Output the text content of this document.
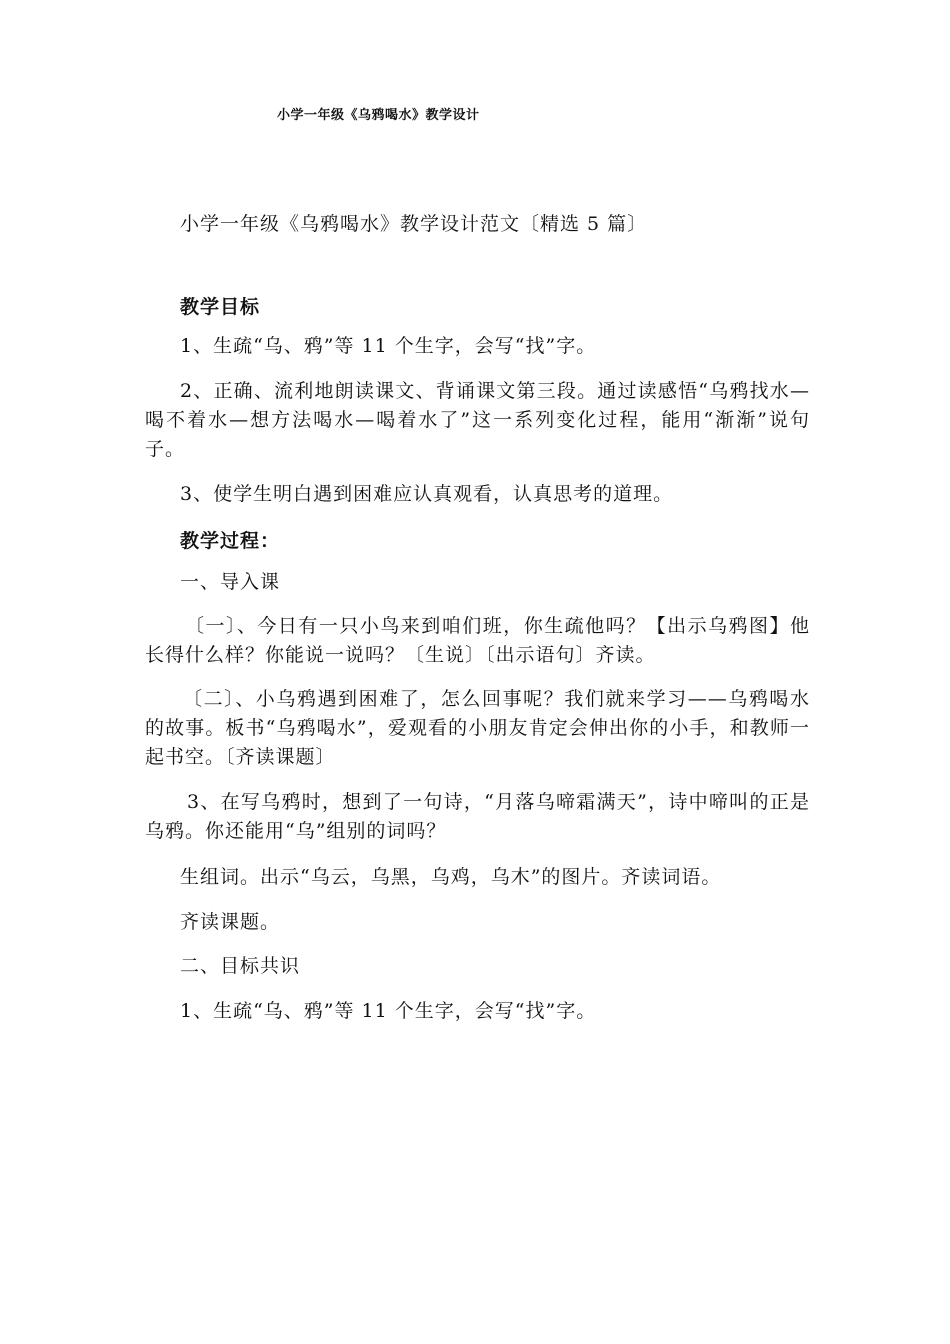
小学一年级《乌鸦喝水》教学设计
小学一年级《乌鸦喝水》教学设计范文〔精选 5 篇〕
教学目标
1、生疏“乌、鸦”等 11 个生字，会写“找”字。
2、正确、流利地朗读课文、背诵课文第三段。通过读感悟“乌鸦找水—喝不着水—想方法喝水—喝着水了”这一系列变化过程，能用“渐渐”说句子。
3、使学生明白遇到困难应认真观看，认真思考的道理。
教学过程：
一、导入课
〔一〕、今日有一只小鸟来到咱们班，你生疏他吗？【出示乌鸦图】他长得什么样？你能说一说吗？〔生说〕〔出示语句〕齐读。
〔二〕、小乌鸦遇到困难了，怎么回事呢？我们就来学习——乌鸦喝水的故事。板书“乌鸦喝水”，爱观看的小朋友肯定会伸出你的小手，和教师一起书空。〔齐读课题〕
3、在写乌鸦时，想到了一句诗，“月落乌啼霜满天”，诗中啼叫的正是乌鸦。你还能用“乌”组别的词吗？
生组词。出示“乌云，乌黑，乌鸡，乌木”的图片。齐读词语。
齐读课题。
二、目标共识
1、生疏“乌、鸦”等 11 个生字，会写“找”字。
